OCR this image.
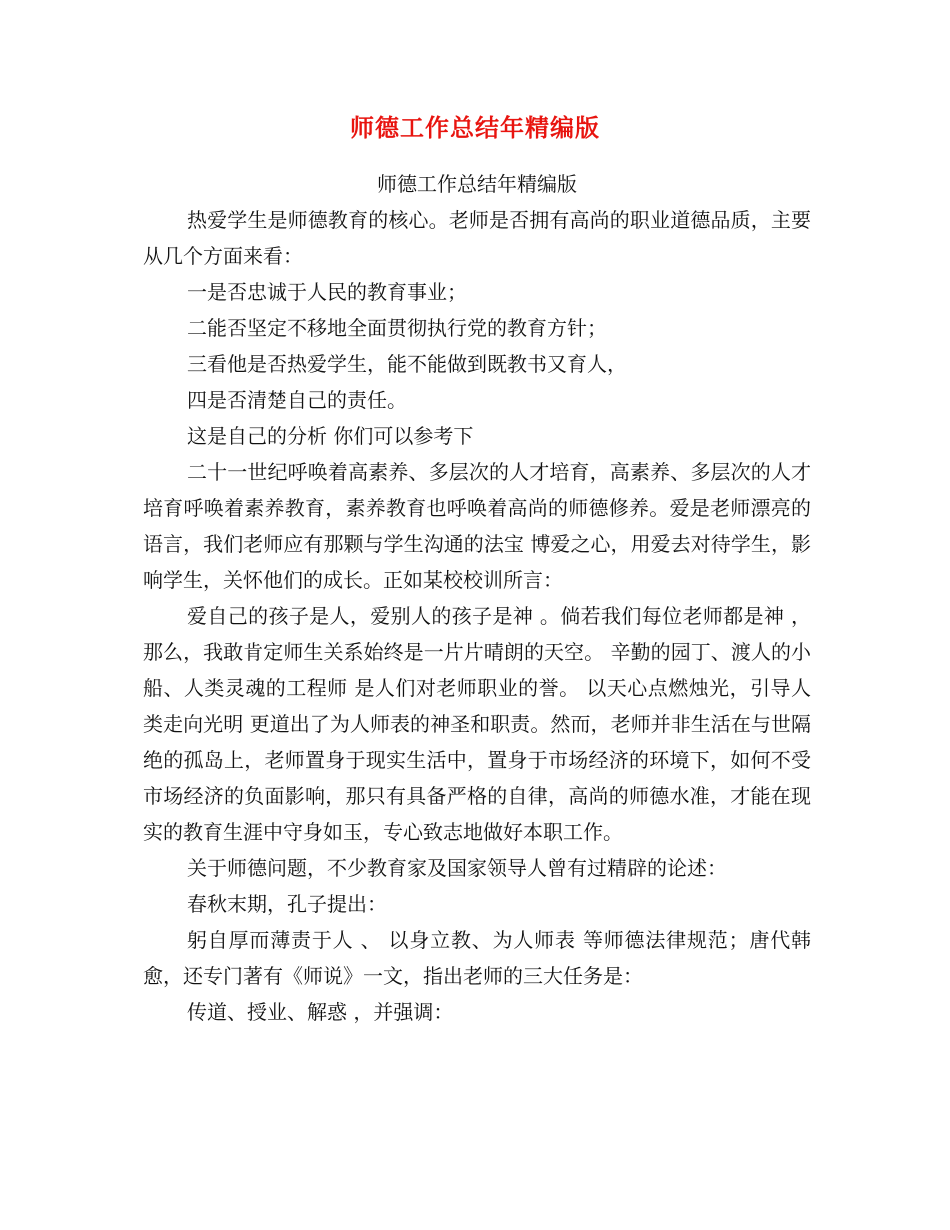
师德工作总结年精编版

师德工作总结年精编版

热爱学生是师德教育的核心。老师是否拥有高尚的职业道德品质，主要从几个方面来看：

一是否忠诚于人民的教育事业；

二能否坚定不移地全面贯彻执行党的教育方针；

三看他是否热爱学生，能不能做到既教书又育人，

四是否清楚自己的责任。

这是自己的分析 你们可以参考下

二十一世纪呼唤着高素养、多层次的人才培育，高素养、多层次的人才培育呼唤着素养教育，素养教育也呼唤着高尚的师德修养。爱是老师漂亮的语言，我们老师应有那颗与学生沟通的法宝 博爱之心，用爱去对待学生，影响学生，关怀他们的成长。正如某校校训所言：

爱自己的孩子是人，爱别人的孩子是神 。倘若我们每位老师都是神 ，那么，我敢肯定师生关系始终是一片片晴朗的天空。 辛勤的园丁、渡人的小船、人类灵魂的工程师 是人们对老师职业的誉。 以天心点燃烛光，引导人类走向光明 更道出了为人师表的神圣和职责。然而，老师并非生活在与世隔绝的孤岛上，老师置身于现实生活中，置身于市场经济的环境下，如何不受市场经济的负面影响，那只有具备严格的自律，高尚的师德水准，才能在现实的教育生涯中守身如玉，专心致志地做好本职工作。

关于师德问题，不少教育家及国家领导人曾有过精辟的论述：

春秋末期，孔子提出：

躬自厚而薄责于人 、 以身立教、为人师表 等师德法律规范；唐代韩愈，还专门著有《师说》一文，指出老师的三大任务是：

传道、授业、解惑 ，并强调：
